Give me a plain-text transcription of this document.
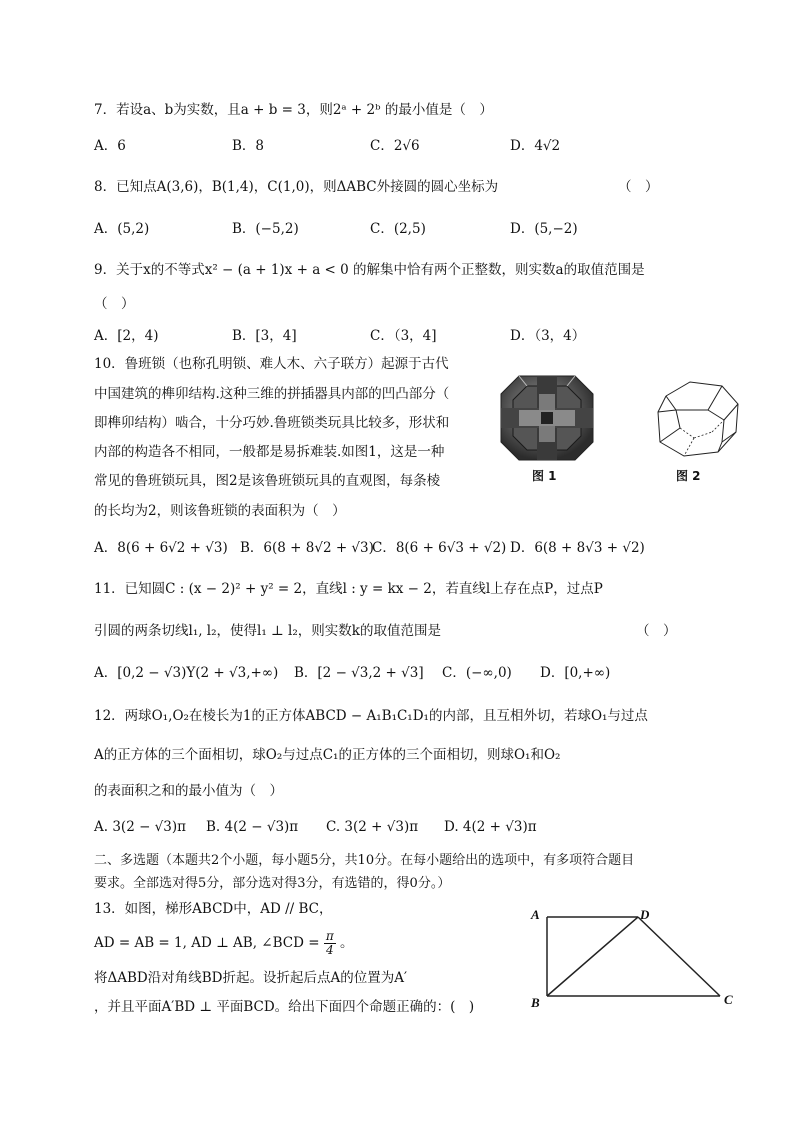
7．若设a、b为实数，且a + b = 3，则2ᵃ + 2ᵇ 的最小值是（　）
A．6	B．8	C．2√6	D．4√2
8．已知点A(3,6)，B(1,4)，C(1,0)，则ΔABC外接圆的圆心坐标为	（　）
A．(5,2)	B．(−5,2)	C．(2,5)	D．(5,−2)
9．关于x的不等式x² − (a + 1)x + a < 0 的解集中恰有两个正整数，则实数a的取值范围是
（　）
A．[2，4)	B．[3，4]	C．（3，4]	D．（3，4）
10．鲁班锁（也称孔明锁、难人木、六子联方）起源于古代
中国建筑的榫卯结构.这种三维的拼插器具内部的凹凸部分（
即榫卯结构）啮合，十分巧妙.鲁班锁类玩具比较多，形状和
内部的构造各不相同，一般都是易拆难装.如图1，这是一种
常见的鲁班锁玩具，图2是该鲁班锁玩具的直观图，每条棱
的长均为2，则该鲁班锁的表面积为（　）
图 1	图 2
A．8(6 + 6√2 + √3) B．6(8 + 8√2 + √3)
C．8(6 + 6√3 + √2) D．6(8 + 8√3 + √2)
11．已知圆C : (x − 2)² + y² = 2，直线l : y = kx − 2，若直线l上存在点P，过点P
引圆的两条切线l₁, l₂，使得l₁ ⊥ l₂，则实数k的取值范围是	（　）
A．[0,2 − √3)Y(2 + √3,+∞) B．[2 − √3,2 + √3] C．(−∞,0) D．[0,+∞)
12．两球O₁,O₂在棱长为1的正方体ABCD − A₁B₁C₁D₁的内部，且互相外切，若球O₁与过点
A的正方体的三个面相切，球O₂与过点C₁的正方体的三个面相切，则球O₁和O₂
的表面积之和的最小值为（　）
A. 3(2 − √3)π B. 4(2 − √3)π C. 3(2 + √3)π D. 4(2 + √3)π
二、多选题（本题共2个小题，每小题5分，共10分。在每小题给出的选项中，有多项符合题目
要求。全部选对得5分，部分选对得3分，有选错的，得0分。）
13．如图，梯形ABCD中，AD // BC，
AD = AB = 1, AD ⊥ AB, ∠BCD = $\frac{\pi}{4}$ 。
将ΔABD沿对角线BD折起。设折起后点A的位置为A′
，并且平面A′BD ⊥ 平面BCD。给出下面四个命题正确的：(　)
A	D
B	C
